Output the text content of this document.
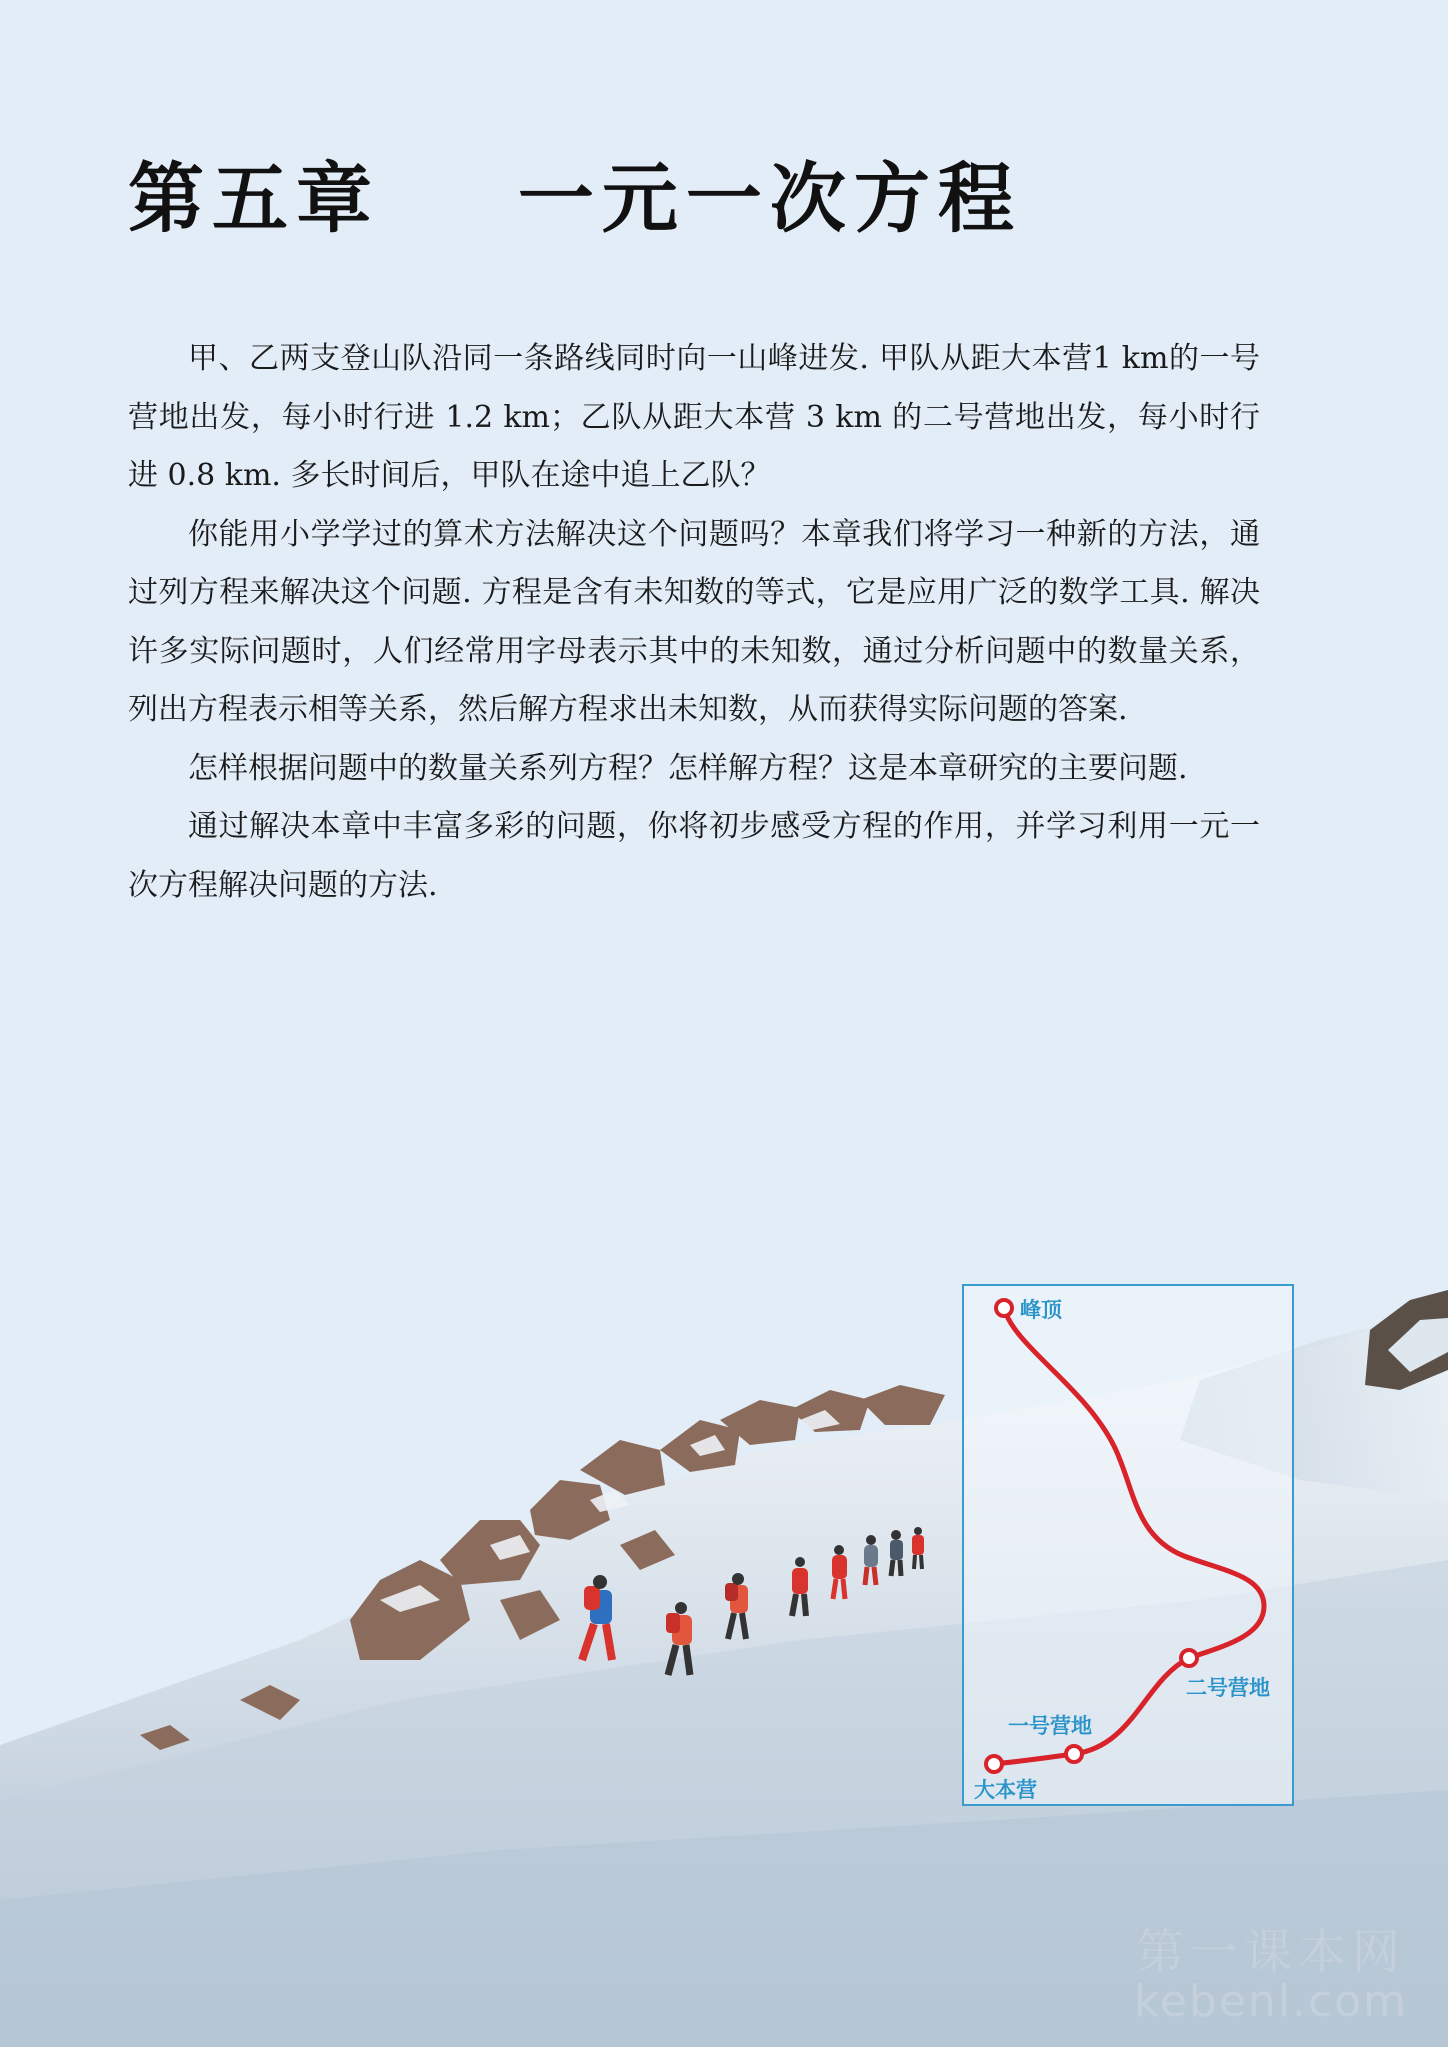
第五章 一元一次方程

甲、乙两支登山队沿同一条路线同时向一山峰进发. 甲队从距大本营1 km的一号营地出发，每小时行进 1.2 km；乙队从距大本营 3 km 的二号营地出发，每小时行进 0.8 km. 多长时间后，甲队在途中追上乙队？

你能用小学学过的算术方法解决这个问题吗？本章我们将学习一种新的方法，通过列方程来解决这个问题. 方程是含有未知数的等式，它是应用广泛的数学工具. 解决许多实际问题时，人们经常用字母表示其中的未知数，通过分析问题中的数量关系，列出方程表示相等关系，然后解方程求出未知数，从而获得实际问题的答案.

怎样根据问题中的数量关系列方程？怎样解方程？这是本章研究的主要问题.

通过解决本章中丰富多彩的问题，你将初步感受方程的作用，并学习利用一元一次方程解决问题的方法.

峰顶
二号营地
一号营地
大本营
第一课本网
kebenl.com
